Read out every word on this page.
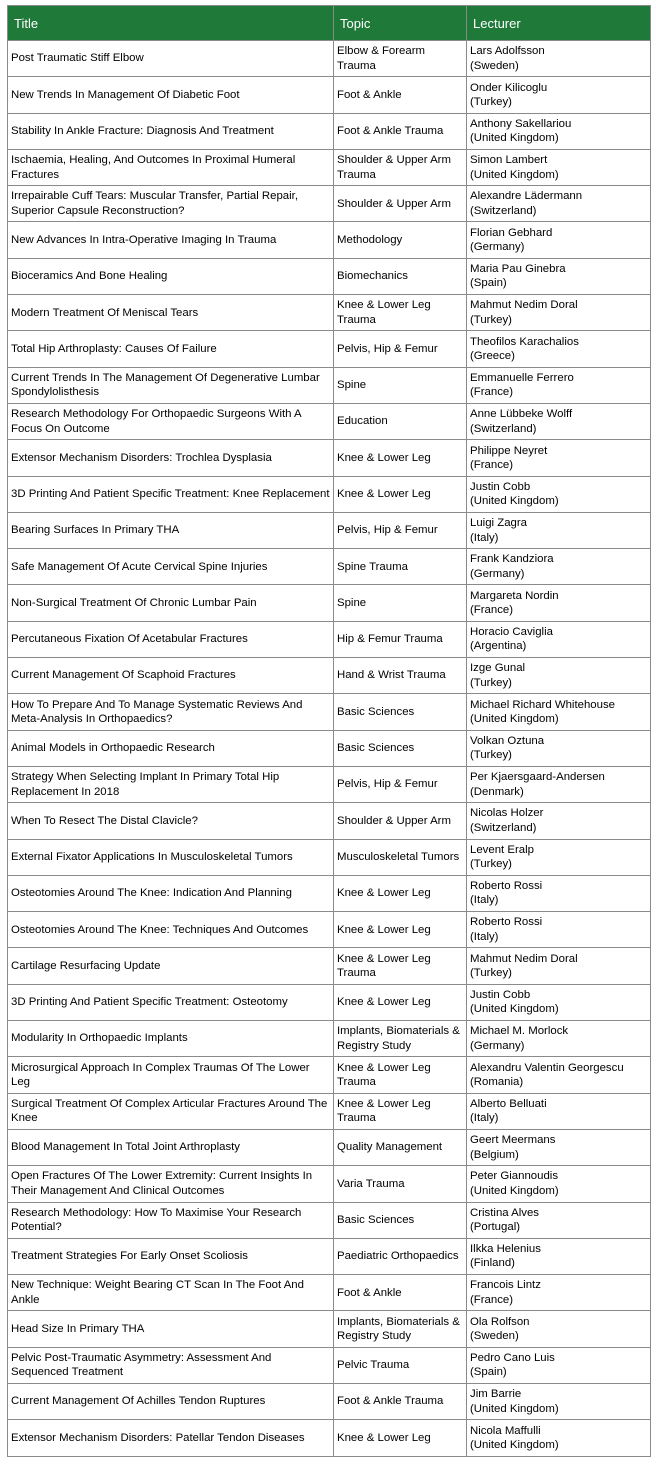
Title	Topic	Lecturer
Post Traumatic Stiff Elbow	Elbow & Forearm Trauma	Lars Adolfsson
(Sweden)

New Trends In Management Of Diabetic Foot	Foot & Ankle	Onder Kilicoglu
(Turkey)

Stability In Ankle Fracture: Diagnosis And Treatment	Foot & Ankle Trauma	Anthony Sakellariou
(United Kingdom)

Ischaemia, Healing, And Outcomes In Proximal Humeral Fractures	Shoulder & Upper Arm Trauma	Simon Lambert
(United Kingdom)

Irrepairable Cuff Tears: Muscular Transfer, Partial Repair, Superior Capsule Reconstruction?	Shoulder & Upper Arm	Alexandre Lädermann
(Switzerland)

New Advances In Intra-Operative Imaging In Trauma	Methodology	Florian Gebhard
(Germany)

Bioceramics And Bone Healing	Biomechanics	Maria Pau Ginebra
(Spain)

Modern Treatment Of Meniscal Tears	Knee & Lower Leg Trauma	Mahmut Nedim Doral
(Turkey)

Total Hip Arthroplasty: Causes Of Failure	Pelvis, Hip & Femur	Theofilos Karachalios
(Greece)

Current Trends In The Management Of Degenerative Lumbar Spondylolisthesis	Spine	Emmanuelle Ferrero
(France)

Research Methodology For Orthopaedic Surgeons With A Focus On Outcome	Education	Anne Lübbeke Wolff
(Switzerland)

Extensor Mechanism Disorders: Trochlea Dysplasia	Knee & Lower Leg	Philippe Neyret
(France)

3D Printing And Patient Specific Treatment: Knee Replacement	Knee & Lower Leg	Justin Cobb
(United Kingdom)

Bearing Surfaces In Primary THA	Pelvis, Hip & Femur	Luigi Zagra
(Italy)

Safe Management Of Acute Cervical Spine Injuries	Spine Trauma	Frank Kandziora
(Germany)

Non-Surgical Treatment Of Chronic Lumbar Pain	Spine	Margareta Nordin
(France)

Percutaneous Fixation Of Acetabular Fractures	Hip & Femur Trauma	Horacio Caviglia
(Argentina)

Current Management Of Scaphoid Fractures	Hand & Wrist Trauma	Izge Gunal
(Turkey)

How To Prepare And To Manage Systematic Reviews And Meta-Analysis In Orthopaedics?	Basic Sciences	Michael Richard Whitehouse
(United Kingdom)

Animal Models in Orthopaedic Research	Basic Sciences	Volkan Oztuna
(Turkey)

Strategy When Selecting Implant In Primary Total Hip Replacement In 2018	Pelvis, Hip & Femur	Per Kjaersgaard-Andersen
(Denmark)

When To Resect The Distal Clavicle?	Shoulder & Upper Arm	Nicolas Holzer
(Switzerland)

External Fixator Applications In Musculoskeletal Tumors	Musculoskeletal Tumors	Levent Eralp
(Turkey)

Osteotomies Around The Knee: Indication And Planning	Knee & Lower Leg	Roberto Rossi
(Italy)

Osteotomies Around The Knee: Techniques And Outcomes	Knee & Lower Leg	Roberto Rossi
(Italy)

Cartilage Resurfacing Update	Knee & Lower Leg Trauma	Mahmut Nedim Doral
(Turkey)

3D Printing And Patient Specific Treatment: Osteotomy	Knee & Lower Leg	Justin Cobb
(United Kingdom)

Modularity In Orthopaedic Implants	Implants, Biomaterials & Registry Study	Michael M. Morlock
(Germany)

Microsurgical Approach In Complex Traumas Of The Lower Leg	Knee & Lower Leg Trauma	Alexandru Valentin Georgescu
(Romania)

Surgical Treatment Of Complex Articular Fractures Around The Knee	Knee & Lower Leg Trauma	Alberto Belluati
(Italy)

Blood Management In Total Joint Arthroplasty	Quality Management	Geert Meermans
(Belgium)

Open Fractures Of The Lower Extremity: Current Insights In Their Management And Clinical Outcomes	Varia Trauma	Peter Giannoudis
(United Kingdom)

Research Methodology: How To Maximise Your Research Potential?	Basic Sciences	Cristina Alves
(Portugal)

Treatment Strategies For Early Onset Scoliosis	Paediatric Orthopaedics	Ilkka Helenius
(Finland)

New Technique: Weight Bearing CT Scan In The Foot And Ankle	Foot & Ankle	Francois Lintz
(France)

Head Size In Primary THA	Implants, Biomaterials & Registry Study	Ola Rolfson
(Sweden)

Pelvic Post-Traumatic Asymmetry: Assessment And Sequenced Treatment	Pelvic Trauma	Pedro Cano Luis
(Spain)

Current Management Of Achilles Tendon Ruptures	Foot & Ankle Trauma	Jim Barrie
(United Kingdom)

Extensor Mechanism Disorders: Patellar Tendon Diseases	Knee & Lower Leg	Nicola Maffulli
(United Kingdom)
